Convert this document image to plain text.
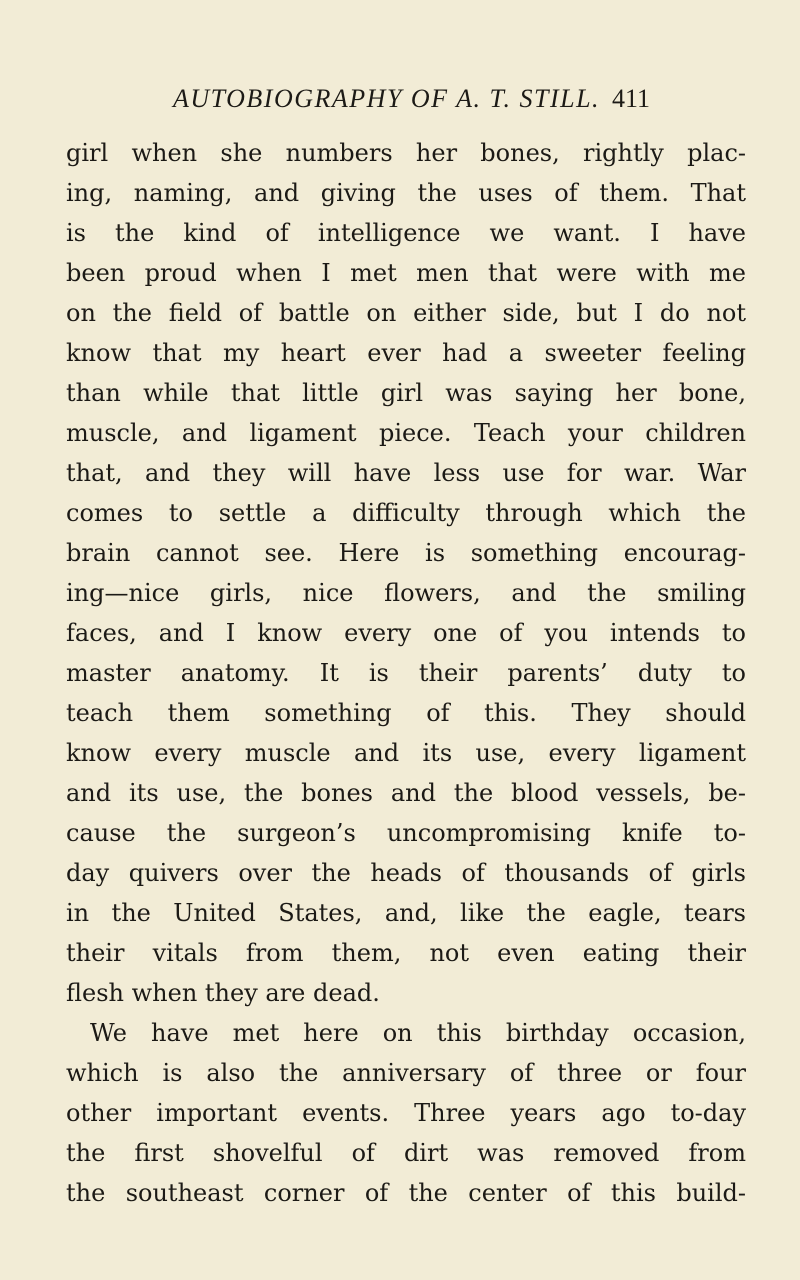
AUTOBIOGRAPHY OF A. T. STILL. 411
girl when she numbers her bones, rightly plac-
ing, naming, and giving the uses of them. That
is the kind of intelligence we want. I have
been proud when I met men that were with me
on the field of battle on either side, but I do not
know that my heart ever had a sweeter feeling
than while that little girl was saying her bone,
muscle, and ligament piece. Teach your children
that, and they will have less use for war. War
comes to settle a difficulty through which the
brain cannot see. Here is something encourag-
ing—nice girls, nice flowers, and the smiling
faces, and I know every one of you intends to
master anatomy. It is their parents’ duty to
teach them something of this. They should
know every muscle and its use, every ligament
and its use, the bones and the blood vessels, be-
cause the surgeon’s uncompromising knife to-
day quivers over the heads of thousands of girls
in the United States, and, like the eagle, tears
their vitals from them, not even eating their
flesh when they are dead.
We have met here on this birthday occasion,
which is also the anniversary of three or four
other important events. Three years ago to-day
the first shovelful of dirt was removed from
the southeast corner of the center of this build-
